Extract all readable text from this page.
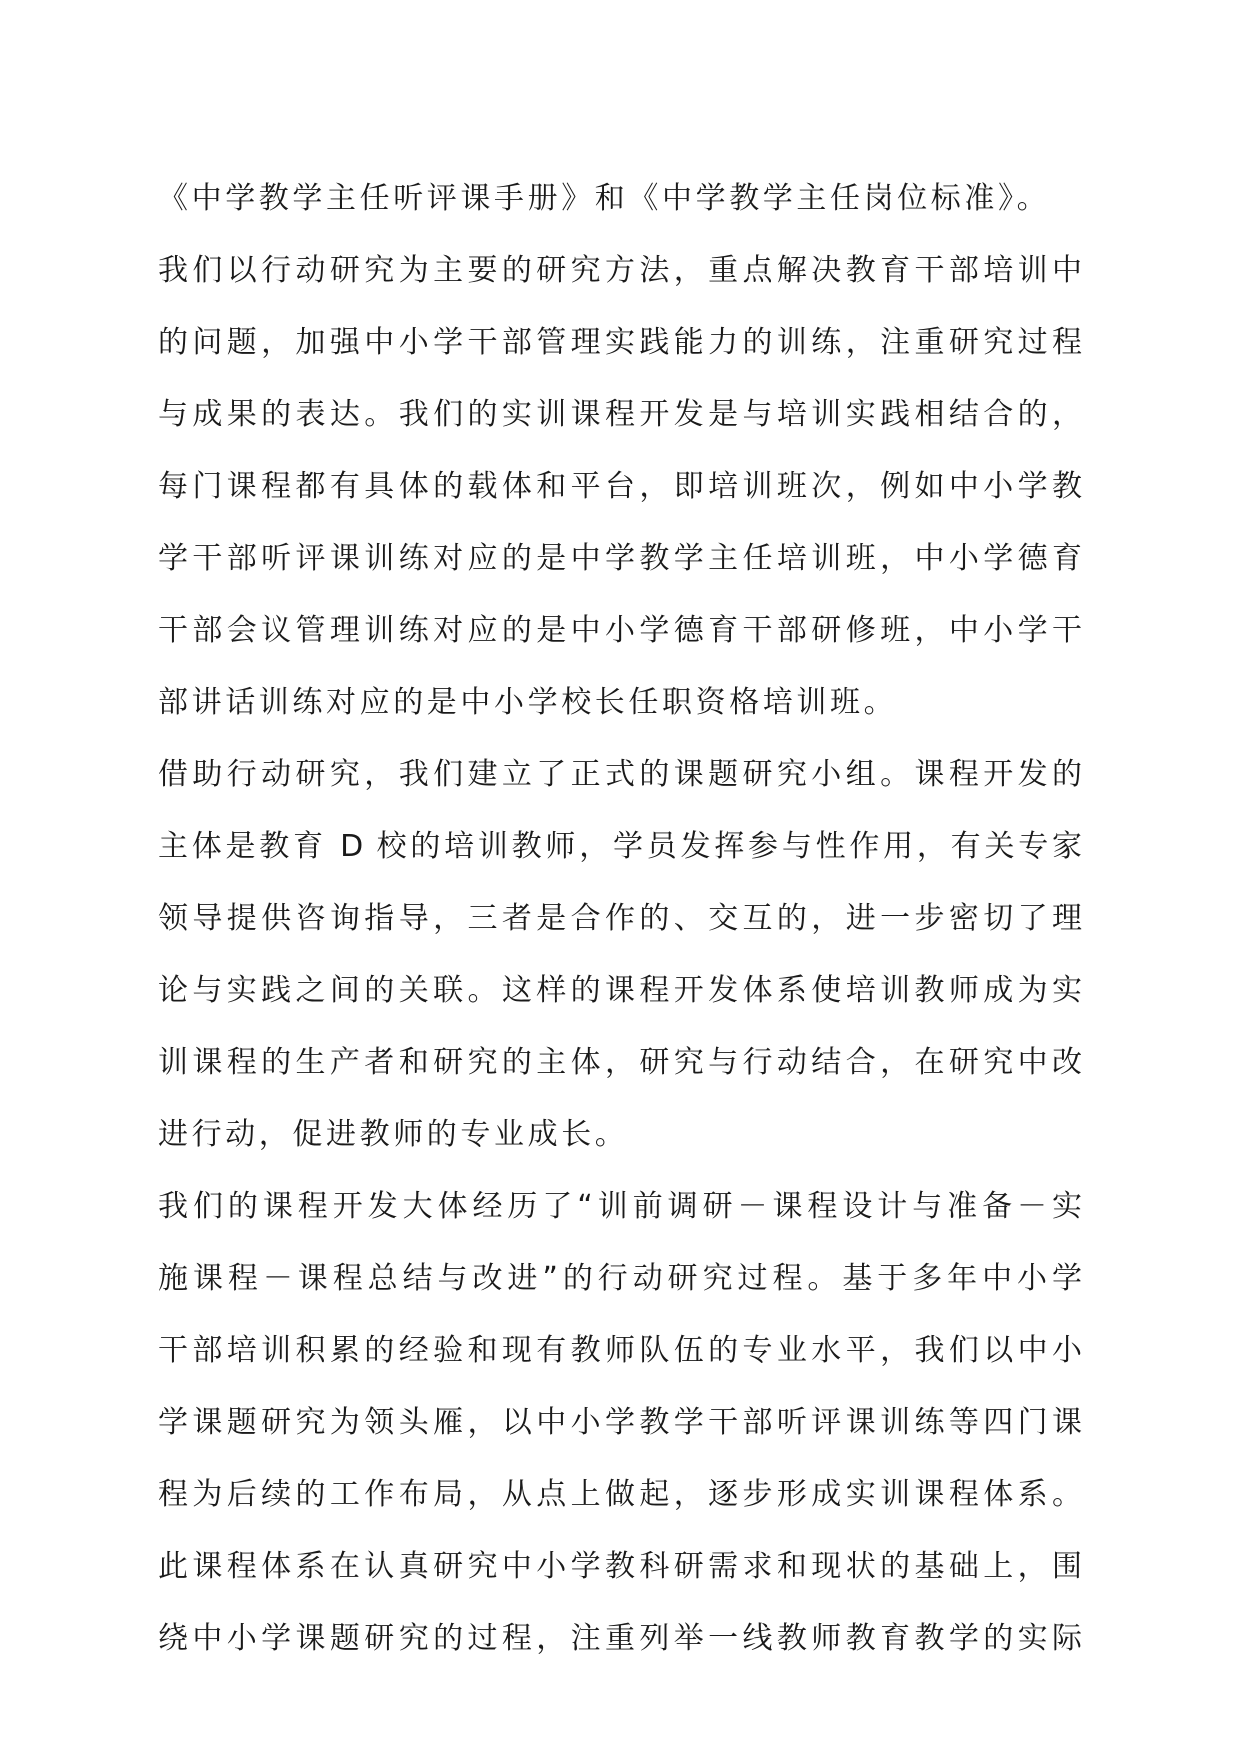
《中学教学主任听评课手册》和《中学教学主任岗位标准》。
我们以行动研究为主要的研究方法，重点解决教育干部培训中
的问题，加强中小学干部管理实践能力的训练，注重研究过程
与成果的表达。我们的实训课程开发是与培训实践相结合的，
每门课程都有具体的载体和平台，即培训班次，例如中小学教
学干部听评课训练对应的是中学教学主任培训班，中小学德育
干部会议管理训练对应的是中小学德育干部研修班，中小学干
部讲话训练对应的是中小学校长任职资格培训班。
借助行动研究，我们建立了正式的课题研究小组。课程开发的
主体是教育 D 校的培训教师，学员发挥参与性作用，有关专家
领导提供咨询指导，三者是合作的、交互的，进一步密切了理
论与实践之间的关联。这样的课程开发体系使培训教师成为实
训课程的生产者和研究的主体，研究与行动结合，在研究中改
进行动，促进教师的专业成长。
我们的课程开发大体经历了“训前调研－课程设计与准备－实
施课程－课程总结与改进”的行动研究过程。基于多年中小学
干部培训积累的经验和现有教师队伍的专业水平，我们以中小
学课题研究为领头雁，以中小学教学干部听评课训练等四门课
程为后续的工作布局，从点上做起，逐步形成实训课程体系。
此课程体系在认真研究中小学教科研需求和现状的基础上，围
绕中小学课题研究的过程，注重列举一线教师教育教学的实际
